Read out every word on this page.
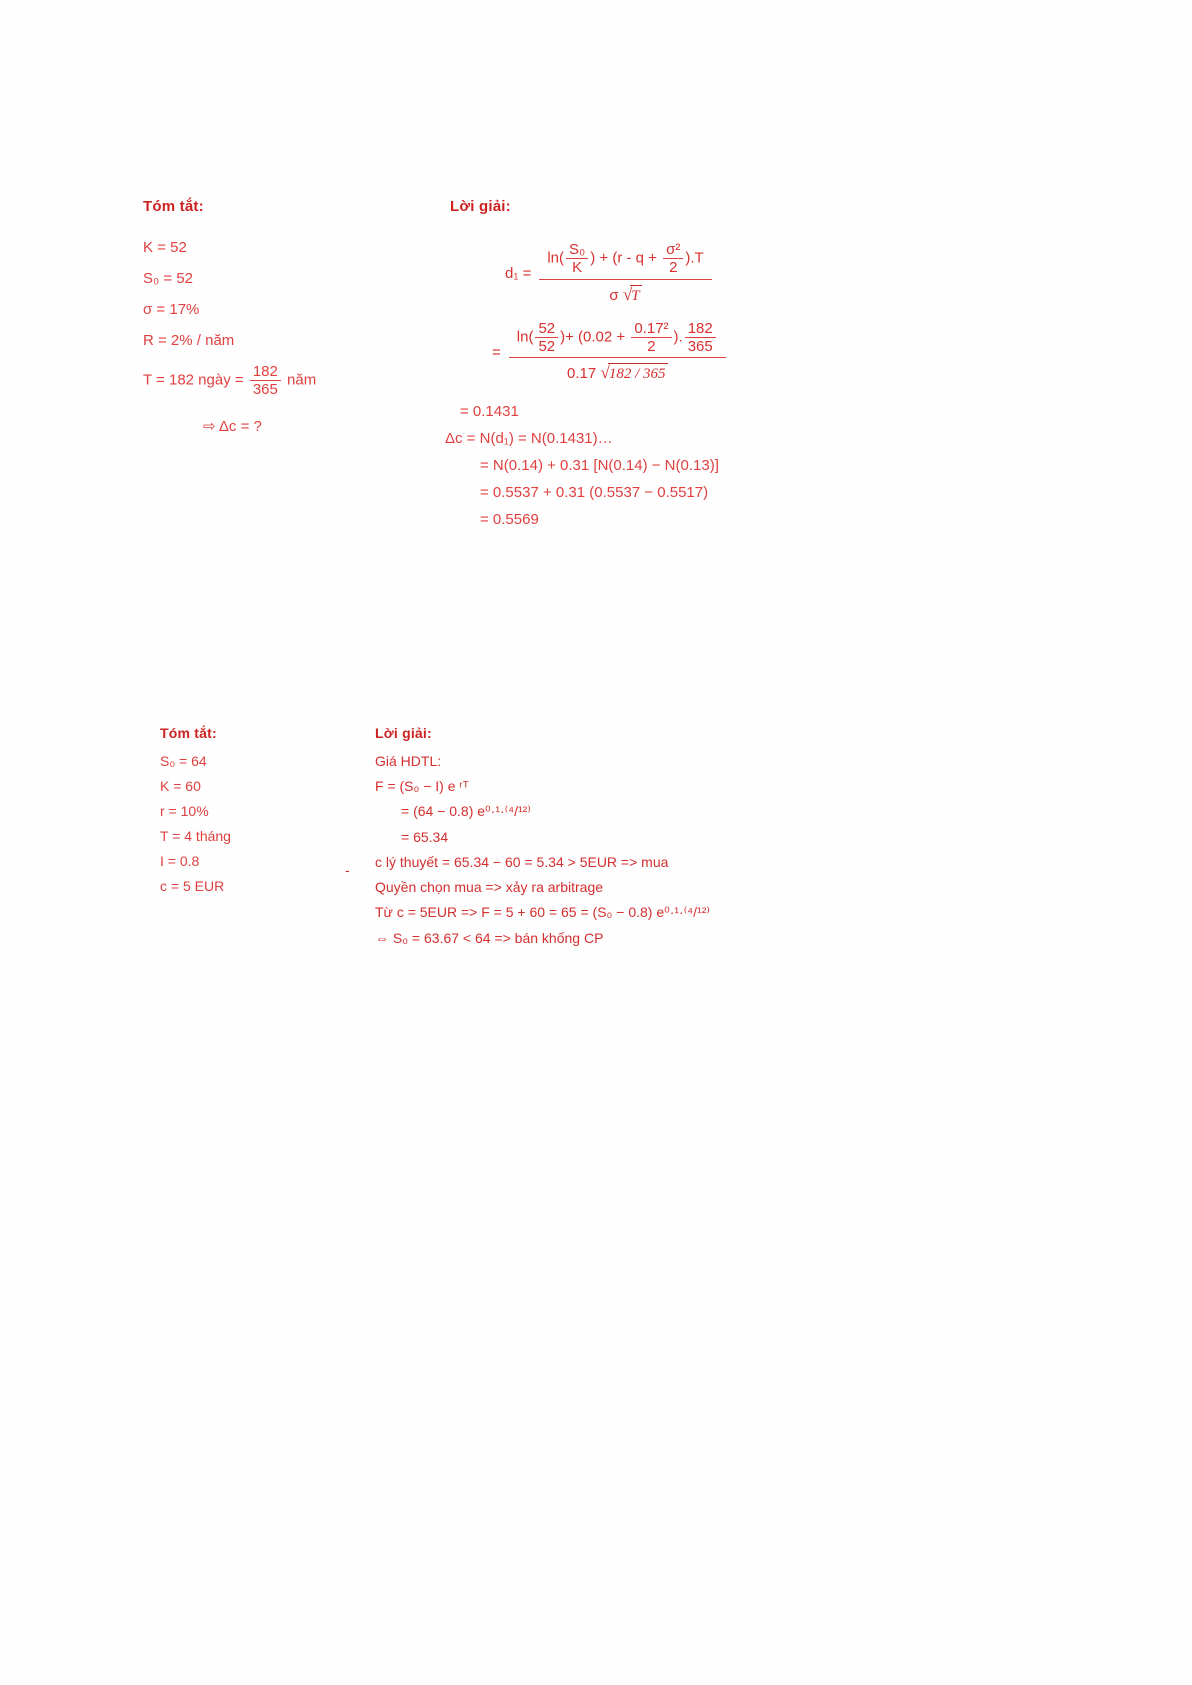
Tóm tắt:
K = 52
S₀ = 52
σ = 17%
R = 2% / năm
T = 182 ngày = $\frac{182}{365}$ năm
⇨ Δc = ?
Lời giải:
$d_1 = \frac{\ln( \frac{\text{S₀}}{K} ) + (r - q + \frac{\text{σ²}}{2} ).T}{\sigma √T}$
= $\frac{\ln( \frac{52}{52} )+ (0.02 + \frac{\text{0.17²}}{2} ). \frac{182}{365}}{0.17 √182 / 365}$
= 0.1431
Δc = N(d₁) = N(0.1431)…
= N(0.14) + 0.31 [N(0.14) − N(0.13)]
= 0.5537 + 0.31 (0.5537 − 0.5517)
= 0.5569
Tóm tắt:
S₀ = 64
K = 60
r = 10%
T = 4 tháng
I = 0.8
c = 5 EUR
Lời giải:
Giá HDTL:
F = (S₀ − I) e ʳᵀ
= (64 − 0.8) e⁰·¹·⁽⁴/¹²⁾
= 65.34
c lý thuyết = 65.34 − 60 = 5.34 > 5EUR => mua
Quyền chọn mua => xảy ra arbitrage
Từ c = 5EUR => F = 5 + 60 = 65 = (S₀ − 0.8) e⁰·¹·⁽⁴/¹²⁾
⇔ S₀ = 63.67 < 64 => bán khống CP
-
